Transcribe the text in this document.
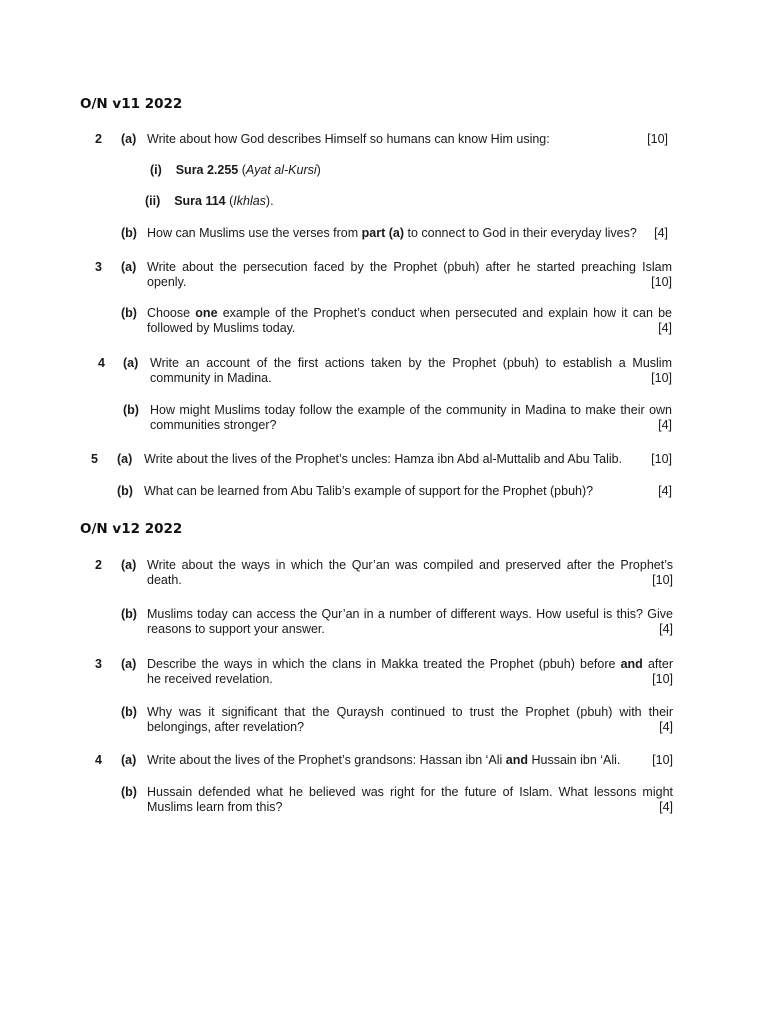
O/N v11 2022
2 (a) Write about how God describes Himself so humans can know Him using:	[10]
(i) Sura 2.255 (Ayat al-Kursi)
(ii) Sura 114 (Ikhlas).
(b) How can Muslims use the verses from part (a) to connect to God in their everyday lives?	[4]
3 (a) Write about the persecution faced by the Prophet (pbuh) after he started preaching Islam
openly.	[10]
(b) Choose one example of the Prophet’s conduct when persecuted and explain how it can be
followed by Muslims today.	[4]
4 (a) Write an account of the first actions taken by the Prophet (pbuh) to establish a Muslim
community in Madina.	[10]
(b) How might Muslims today follow the example of the community in Madina to make their own
communities stronger?	[4]
5 (a) Write about the lives of the Prophet’s uncles: Hamza ibn Abd al-Muttalib and Abu Talib.	[10]
(b) What can be learned from Abu Talib’s example of support for the Prophet (pbuh)?	[4]
O/N v12 2022
2 (a) Write about the ways in which the Qur’an was compiled and preserved after the Prophet’s
death.	[10]
(b) Muslims today can access the Qur’an in a number of different ways. How useful is this? Give
reasons to support your answer.	[4]
3 (a) Describe the ways in which the clans in Makka treated the Prophet (pbuh) before and after
he received revelation.	[10]
(b) Why was it significant that the Quraysh continued to trust the Prophet (pbuh) with their
belongings, after revelation?	[4]
4 (a) Write about the lives of the Prophet’s grandsons: Hassan ibn ‘Ali and Hussain ibn ‘Ali.	[10]
(b) Hussain defended what he believed was right for the future of Islam. What lessons might
Muslims learn from this?	[4]
